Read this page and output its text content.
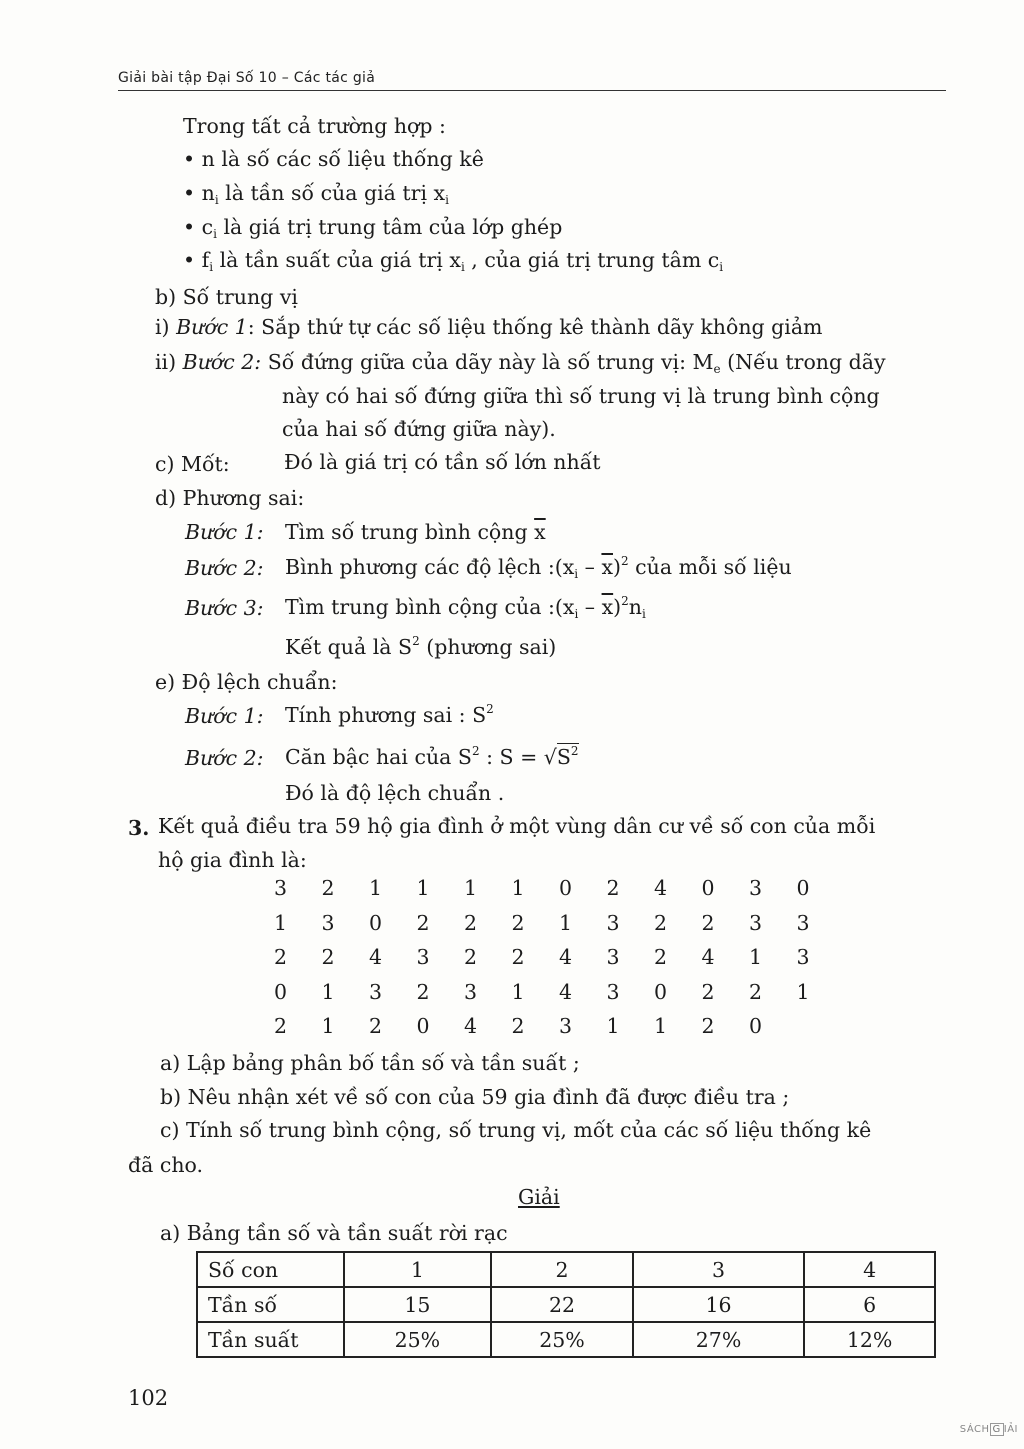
Giải bài tập Đại Số 10 – Các tác giả
Trong tất cả trường hợp :
• n là số các số liệu thống kê
• $n_i$ là tần số của giá trị $x_i$
• $c_i$ là giá trị trung tâm của lớp ghép
• $f_i$ là tần suất của giá trị $x_i$ , của giá trị trung tâm $c_i$
b) Số trung vị
i) Bước 1: Sắp thứ tự các số liệu thống kê thành dãy không giảm
ii) Bước 2: Số đứng giữa của dãy này là số trung vị: $M_e$ (Nếu trong dãy
này có hai số đứng giữa thì số trung vị là trung bình cộng
của hai số đứng giữa này).
c) Mốt:	Đó là giá trị có tần số lớn nhất
d) Phương sai:
Bước 1: Tìm số trung bình cộng $\overline{x}$
Bước 2: Bình phương các độ lệch $:(x_i - \overline{x})^2$ của mỗi số liệu
Bước 3: Tìm trung bình cộng của $:(x_i - \overline{x})^2n_i$
Kết quả là $S^2$ (phương sai)
e) Độ lệch chuẩn:
Bước 1: Tính phương sai : $S^2$
Bước 2: Căn bậc hai của $S^2$ : $S = √S^2$
Đó là độ lệch chuẩn .
3. Kết quả điều tra 59 hộ gia đình ở một vùng dân cư về số con của mỗi
hộ gia đình là:
3	2	1	1	1	1	0	2	4	0	3	0
1	3	0	2	2	2	1	3	2	2	3	3
2	2	4	3	2	2	4	3	2	4	1	3
0	1	3	2	3	1	4	3	0	2	2	1
2	1	2	0	4	2	3	1	1	2	0
a) Lập bảng phân bố tần số và tần suất ;
b) Nêu nhận xét về số con của 59 gia đình đã được điều tra ;
c) Tính số trung bình cộng, số trung vị, mốt của các số liệu thống kê
đã cho.
Giải
a) Bảng tần số và tần suất rời rạc
Số con	1	2	3	4
Tần số	15	22	16	6
Tần suất	25%	25%	27%	12%
102
SÁCH G IẢI
